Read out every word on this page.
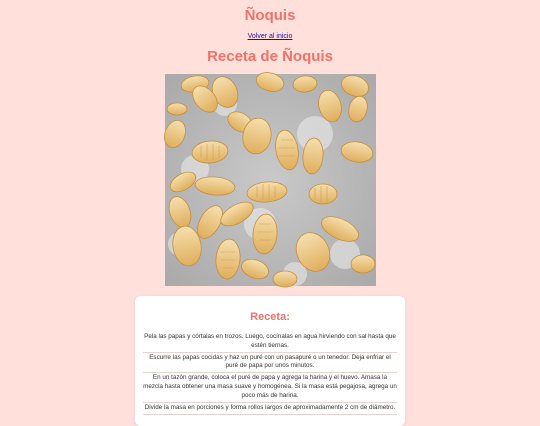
Ñoquis
Volver al inicio
Receta de Ñoquis
Receta:
Pela las papas y córtalas en trozos. Luego, cocínalas en agua hirviendo con sal hasta que estén tiernas.
Escurre las papas cocidas y haz un puré con un pasapuré o un tenedor. Deja enfriar el puré de papa por unos minutos.
En un tazón grande, coloca el puré de papa y agrega la harina y el huevo. Amasa la mezcla hasta obtener una masa suave y homogénea. Si la masa está pegajosa, agrega un poco más de harina.
Divide la masa en porciones y forma rollos largos de aproximadamente 2 cm de diámetro.
